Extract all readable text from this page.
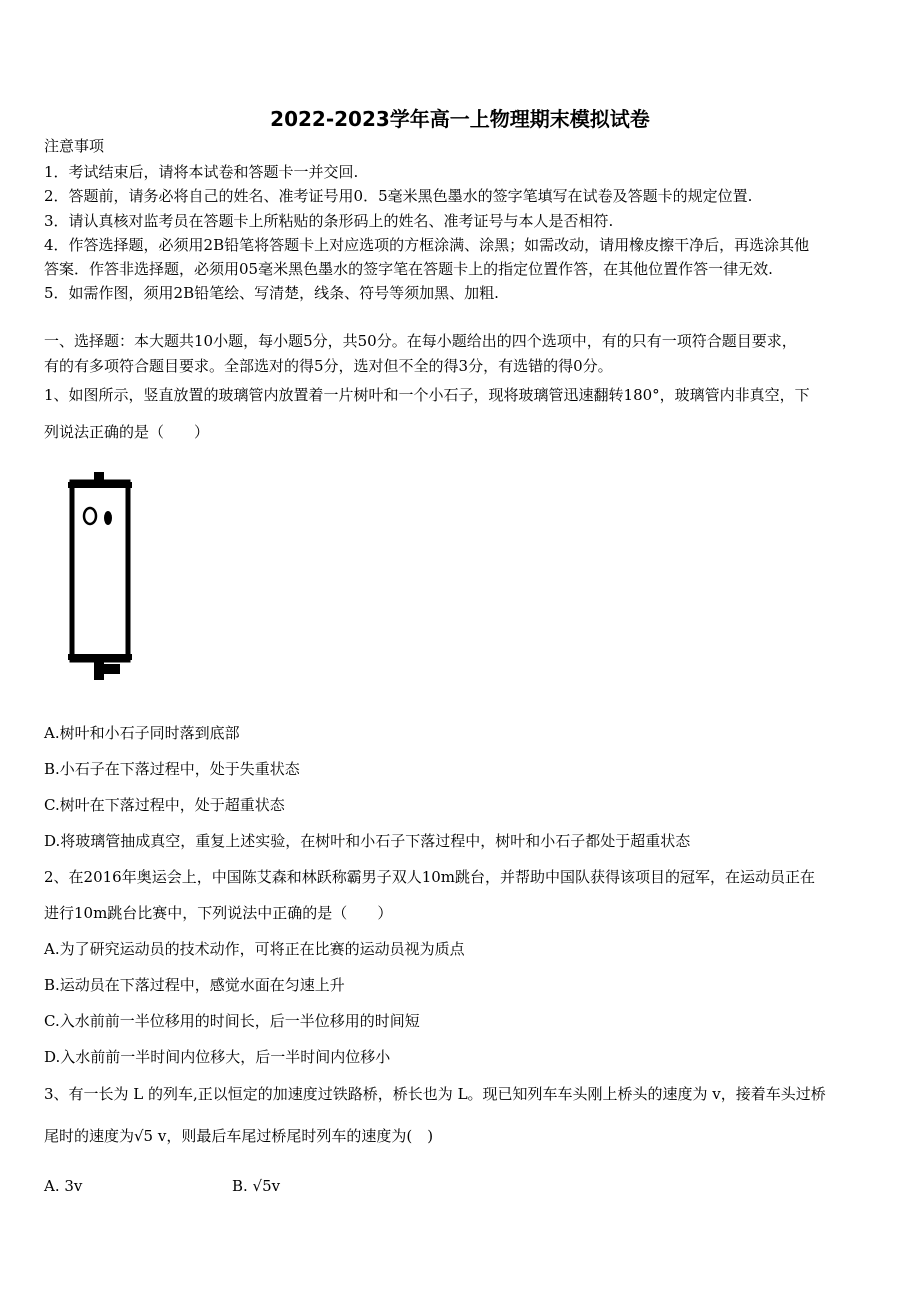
2022-2023学年高一上物理期末模拟试卷
注意事项
1．考试结束后，请将本试卷和答题卡一并交回.
2．答题前，请务必将自己的姓名、准考证号用0．5毫米黑色墨水的签字笔填写在试卷及答题卡的规定位置.
3．请认真核对监考员在答题卡上所粘贴的条形码上的姓名、准考证号与本人是否相符.
4．作答选择题，必须用2B铅笔将答题卡上对应选项的方框涂满、涂黑；如需改动，请用橡皮擦干净后，再选涂其他
答案．作答非选择题，必须用05毫米黑色墨水的签字笔在答题卡上的指定位置作答，在其他位置作答一律无效.
5．如需作图，须用2B铅笔绘、写清楚，线条、符号等须加黑、加粗.
一、选择题：本大题共10小题，每小题5分，共50分。在每小题给出的四个选项中，有的只有一项符合题目要求，
有的有多项符合题目要求。全部选对的得5分，选对但不全的得3分，有选错的得0分。
1、如图所示，竖直放置的玻璃管内放置着一片树叶和一个小石子，现将玻璃管迅速翻转180°，玻璃管内非真空，下
列说法正确的是（　　）
A.树叶和小石子同时落到底部
B.小石子在下落过程中，处于失重状态
C.树叶在下落过程中，处于超重状态
D.将玻璃管抽成真空，重复上述实验，在树叶和小石子下落过程中，树叶和小石子都处于超重状态
2、在2016年奥运会上，中国陈艾森和林跃称霸男子双人10m跳台，并帮助中国队获得该项目的冠军，在运动员正在
进行10m跳台比赛中，下列说法中正确的是（　　）
A.为了研究运动员的技术动作，可将正在比赛的运动员视为质点
B.运动员在下落过程中，感觉水面在匀速上升
C.入水前前一半位移用的时间长，后一半位移用的时间短
D.入水前前一半时间内位移大，后一半时间内位移小
3、有一长为 L 的列车,正以恒定的加速度过铁路桥，桥长也为 L。现已知列车车头刚上桥头的速度为 v，接着车头过桥
尾时的速度为√5 v，则最后车尾过桥尾时列车的速度为(　)
A. 3v	B. √5v
